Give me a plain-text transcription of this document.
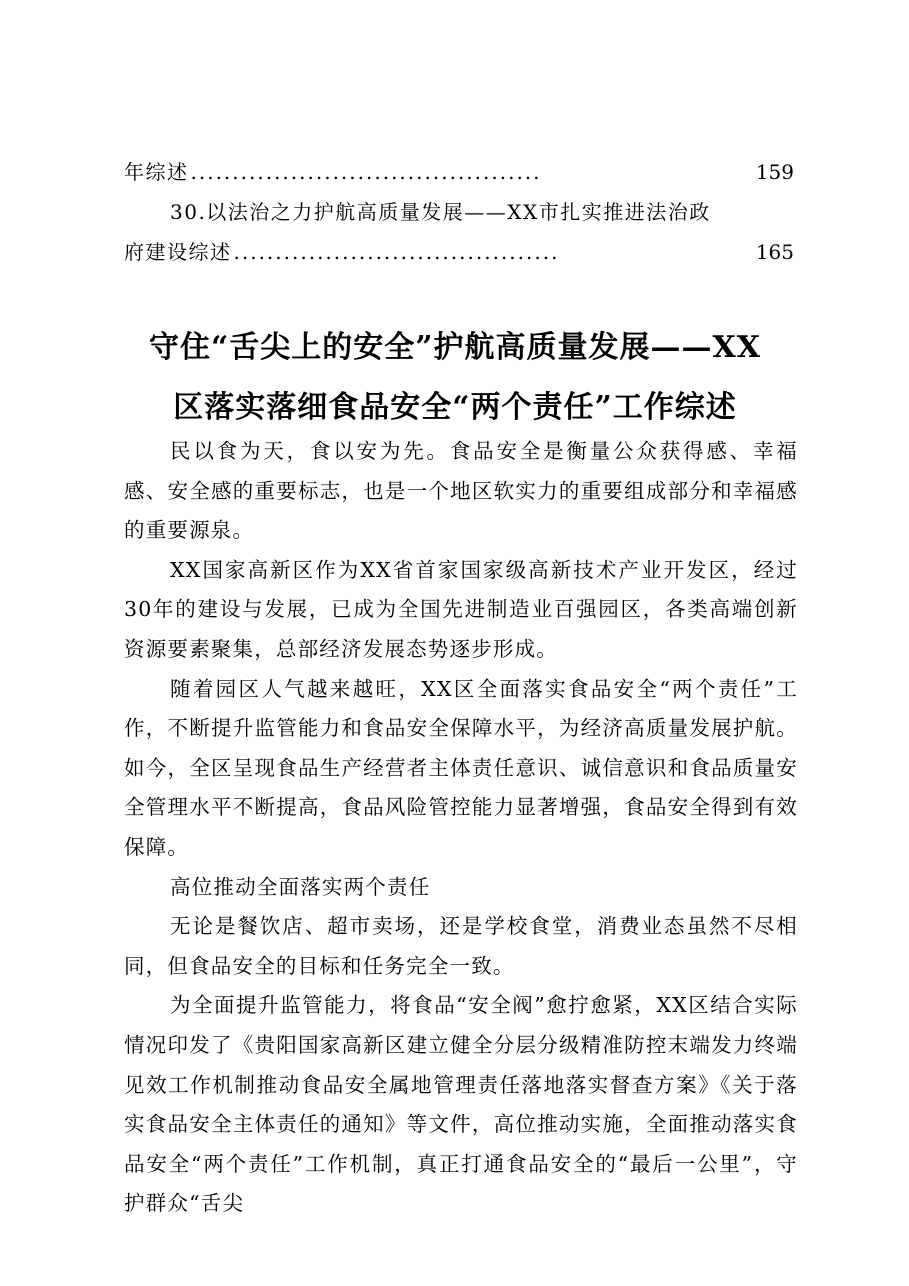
年综述 ..........................................	159
30.以法治之力护航高质量发展——XX市扎实推进法治政
府建设综述 .......................................	165
守住“舌尖上的安全”护航高质量发展——XX
区落实落细食品安全“两个责任”工作综述

民以食为天，食以安为先。食品安全是衡量公众获得感、幸福感、安全感的重要标志，也是一个地区软实力的重要组成部分和幸福感的重要源泉。

XX国家高新区作为XX省首家国家级高新技术产业开发区，经过30年的建设与发展，已成为全国先进制造业百强园区，各类高端创新资源要素聚集，总部经济发展态势逐步形成。

随着园区人气越来越旺，XX区全面落实食品安全“两个责任”工作，不断提升监管能力和食品安全保障水平，为经济高质量发展护航。如今，全区呈现食品生产经营者主体责任意识、诚信意识和食品质量安全管理水平不断提高，食品风险管控能力显著增强，食品安全得到有效保障。

高位推动全面落实两个责任

无论是餐饮店、超市卖场，还是学校食堂，消费业态虽然不尽相同，但食品安全的目标和任务完全一致。

为全面提升监管能力，将食品“安全阀”愈拧愈紧，XX区结合实际情况印发了《贵阳国家高新区建立健全分层分级精准防控末端发力终端见效工作机制推动食品安全属地管理责任落地落实督查方案》《关于落实食品安全主体责任的通知》等文件，高位推动实施，全面推动落实食品安全“两个责任”工作机制，真正打通食品安全的“最后一公里”，守护群众“舌尖
